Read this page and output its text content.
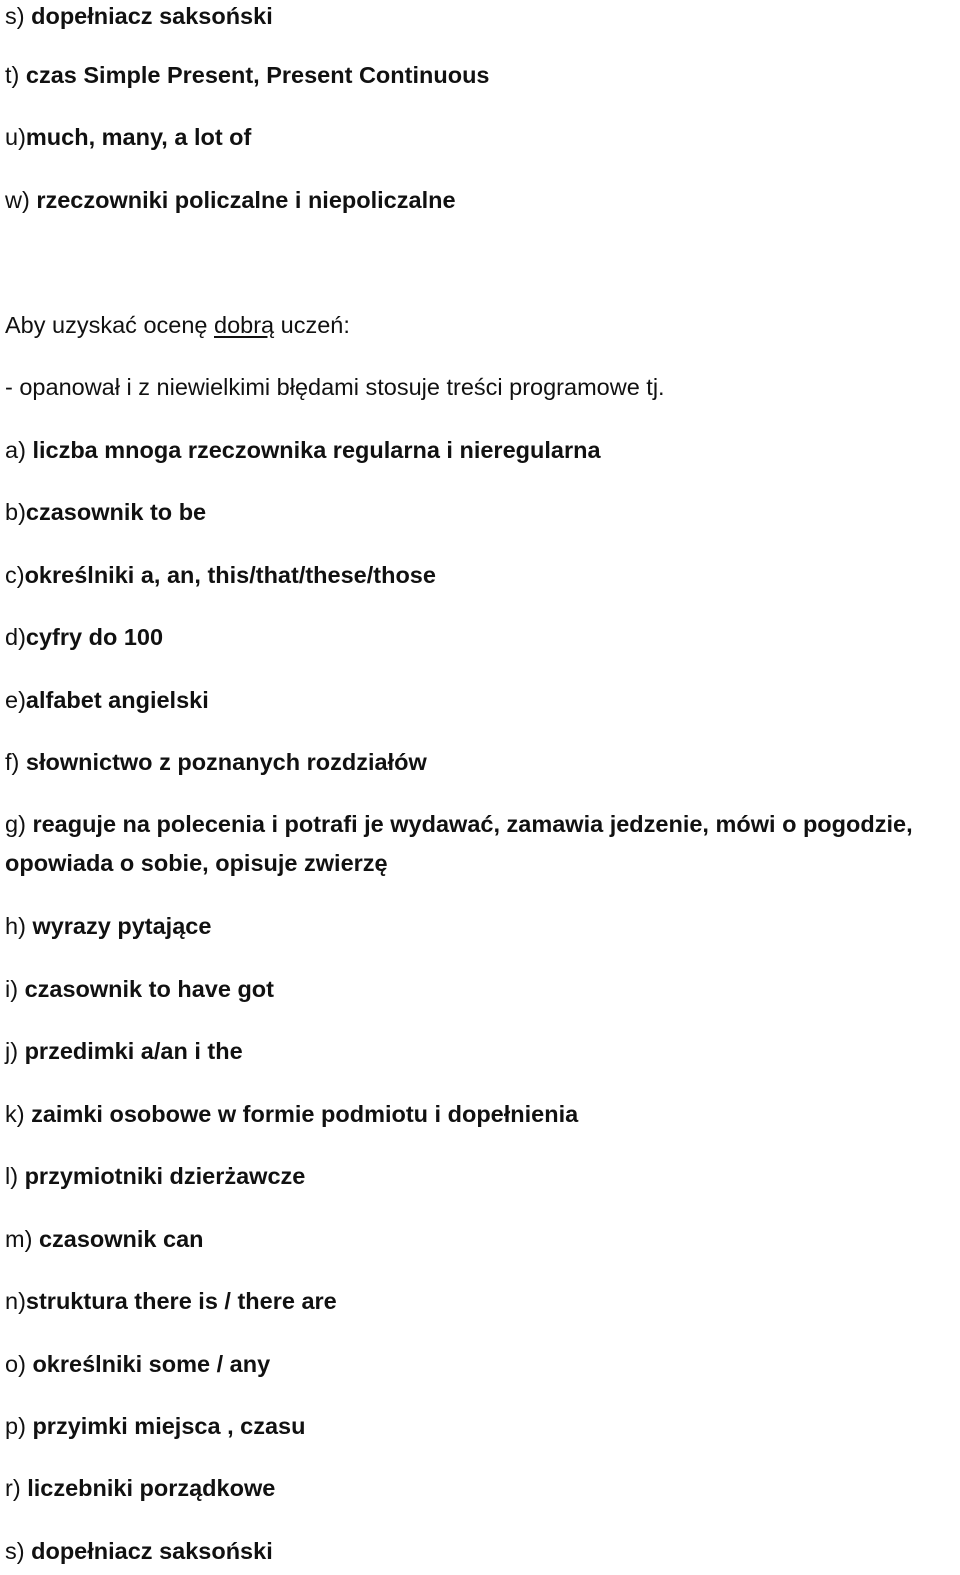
s) dopełniacz saksoński
t) czas Simple Present, Present Continuous
u)much, many, a lot of
w) rzeczowniki policzalne i niepoliczalne
Aby uzyskać ocenę dobrą uczeń:
- opanował i z niewielkimi błędami stosuje treści programowe tj.
a) liczba mnoga rzeczownika regularna i nieregularna
b)czasownik to be
c)określniki a, an, this/that/these/those
d)cyfry do 100
e)alfabet angielski
f) słownictwo z poznanych rozdziałów
g) reaguje na polecenia i potrafi je wydawać, zamawia jedzenie, mówi o pogodzie, opowiada o sobie, opisuje zwierzę
h) wyrazy pytające
i) czasownik to have got
j) przedimki a/an i the
k) zaimki osobowe w formie podmiotu i dopełnienia
l) przymiotniki dzierżawcze
m) czasownik can
n)struktura there is / there are
o) określniki some / any
p) przyimki miejsca , czasu
r) liczebniki porządkowe
s) dopełniacz saksoński
